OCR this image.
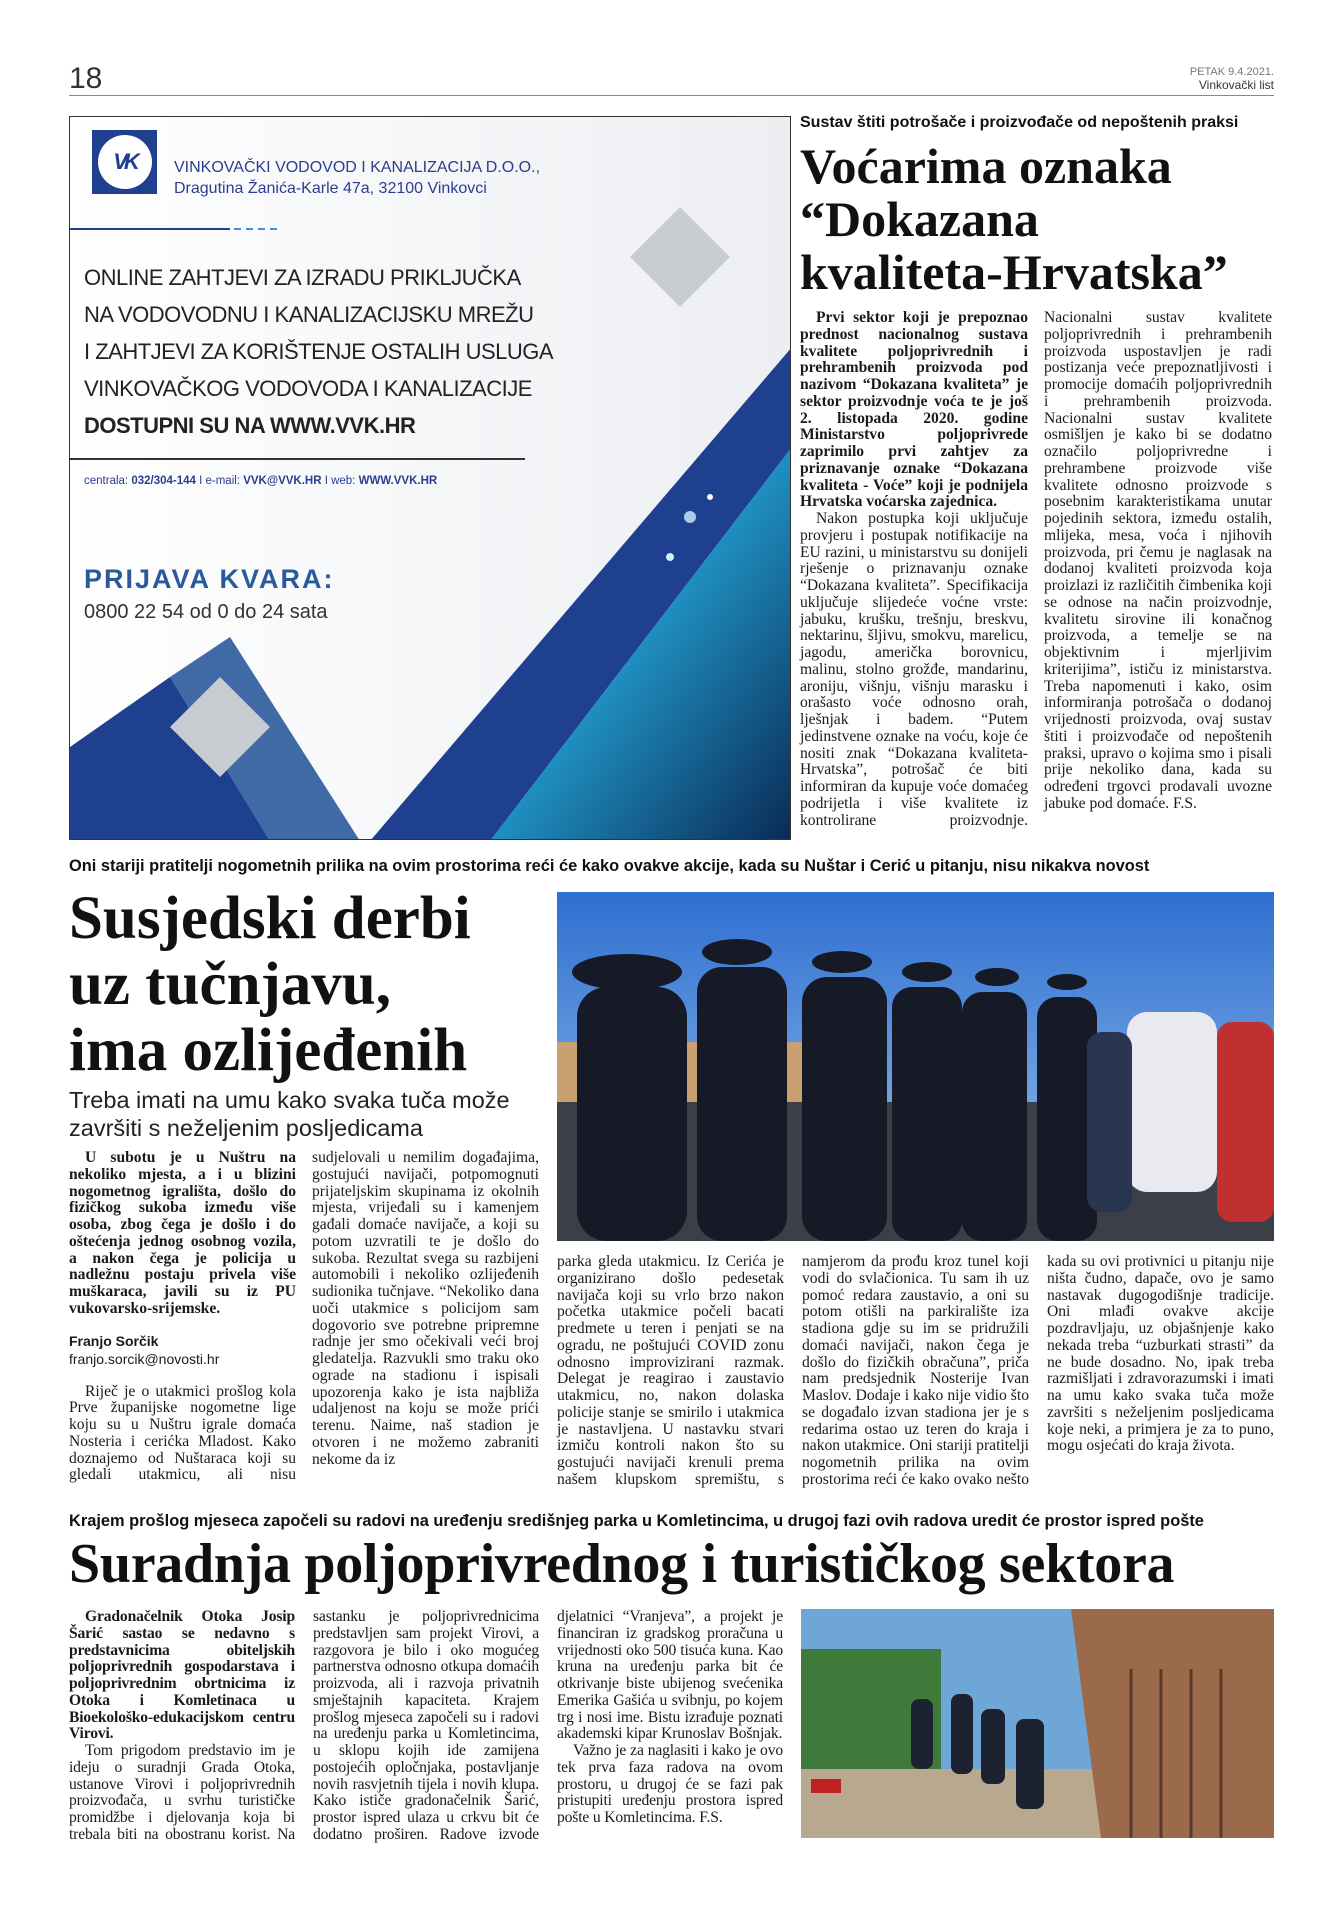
18	PETAK 9.4.2021.
Vinkovački list
VK	VINKOVAČKI VODOVOD I KANALIZACIJA D.O.O.,
Dragutina Žanića-Karle 47a, 32100 Vinkovci
ONLINE ZAHTJEVI ZA IZRADU PRIKLJUČKA
NA VODOVODNU I KANALIZACIJSKU MREŽU
I ZAHTJEVI ZA KORIŠTENJE OSTALIH USLUGA
VINKOVAČKOG VODOVODA I KANALIZACIJE
DOSTUPNI SU NA WWW.VVK.HR
centrala: 032/304-144 I e-mail: VVK@VVK.HR I web: WWW.VVK.HR
PRIJAVA KVARA:
0800 22 54 od 0 do 24 sata
Sustav štiti potrošače i proizvođače od nepoštenih praksi
Voćarima oznaka
“Dokazana
kvaliteta-Hrvatska”

Prvi sektor koji je prepoznao prednost nacionalnog sustava kvalitete poljoprivrednih i prehrambenih proizvoda pod nazivom “Dokazana kvaliteta” je sektor proizvodnje voća te je još 2. listopada 2020. godine Ministarstvo poljoprivrede zaprimilo prvi zahtjev za priznavanje oznake “Dokazana kvaliteta - Voće” koji je podnijela Hrvatska voćarska zajednica.

Nakon postupka koji uključuje provjeru i postupak notifikacije na EU razini, u ministarstvu su donijeli rješenje o priznavanju oznake “Dokazana kvaliteta”. Specifikacija uključuje slijedeće voćne vrste: jabuku, krušku, trešnju, breskvu, nektarinu, šljivu, smokvu, marelicu, jagodu, američka borovnicu, malinu, stolno grožđe, mandarinu, aroniju, višnju, višnju marasku i orašasto voće odnosno orah, lješnjak i badem. “Putem jedinstvene oznake na voću, koje će nositi znak “Dokazana kvaliteta-Hrvatska”, potrošač će biti informiran da kupuje voće domaćeg podrijetla i više kvalitete iz kontrolirane proizvodnje. Nacionalni sustav kvalitete poljoprivrednih i prehrambenih proizvoda uspostavljen je radi postizanja veće prepoznatljivosti i promocije domaćih poljoprivrednih i prehrambenih proizvoda. Nacionalni sustav kvalitete osmišljen je kako bi se dodatno označilo poljoprivredne i prehrambene proizvode više kvalitete odnosno proizvode s posebnim karakteristikama unutar pojedinih sektora, između ostalih, mlijeka, mesa, voća i njihovih proizvoda, pri čemu je naglasak na dodanoj kvaliteti proizvoda koja proizlazi iz različitih čimbenika koji se odnose na način proizvodnje, kvalitetu sirovine ili konačnog proizvoda, a temelje se na objektivnim i mjerljivim kriterijima”, ističu iz ministarstva. Treba napomenuti i kako, osim informiranja potrošača o dodanoj vrijednosti proizvoda, ovaj sustav štiti i proizvođače od nepoštenih praksi, upravo o kojima smo i pisali prije nekoliko dana, kada su određeni trgovci prodavali uvozne jabuke pod domaće. F.S.

Oni stariji pratitelji nogometnih prilika na ovim prostorima reći će kako ovakve akcije, kada su Nuštar i Cerić u pitanju, nisu nikakva novost
Susjedski derbi
uz tučnjavu,
ima ozlijeđenih
Treba imati na umu kako svaka tuča može završiti s neželjenim posljedicama

U subotu je u Nuštru na nekoliko mjesta, a i u blizini nogometnog igrališta, došlo do fizičkog sukoba između više osoba, zbog čega je došlo i do oštećenja jednog osobnog vozila, a nakon čega je policija u nadležnu postaju privela više muškaraca, javili su iz PU vukovarsko-srijemske.

Franjo Sorčik
franjo.sorcik@novosti.hr

Riječ je o utakmici prošlog kola Prve županijske nogometne lige koju su u Nuštru igrale domaća Nosteria i cerićka Mladost. Kako doznajemo od Nuštaraca koji su gledali utakmicu, ali nisu sudjelovali u nemilim događajima, gostujući navijači, potpomognuti prijateljskim skupinama iz okolnih mjesta, vrijeđali su i kamenjem gađali domaće navijače, a koji su potom uzvratili te je došlo do sukoba. Rezultat svega su razbijeni automobili i nekoliko ozlijeđenih sudionika tučnjave. “Nekoliko dana uoči utakmice s policijom sam dogovorio sve potrebne pripremne radnje jer smo očekivali veći broj gledatelja. Razvukli smo traku oko ograde na stadionu i ispisali upozorenja kako je ista najbliža udaljenost na koju se može prići terenu. Naime, naš stadion je otvoren i ne možemo zabraniti nekome da iz

parka gleda utakmicu. Iz Cerića je organizirano došlo pedesetak navijača koji su vrlo brzo nakon početka utakmice počeli bacati predmete u teren i penjati se na ogradu, ne poštujući COVID zonu odnosno improvizirani razmak. Delegat je reagirao i zaustavio utakmicu, no, nakon dolaska policije stanje se smirilo i utakmica je nastavljena. U nastavku stvari izmiču kontroli nakon što su gostujući navijači krenuli prema našem klupskom spremištu, s namjerom da prođu kroz tunel koji vodi do svlačionica. Tu sam ih uz pomoć redara zaustavio, a oni su potom otišli na parkiralište iza stadiona gdje su im se pridružili domaći navijači, nakon čega je došlo do fizičkih obračuna”, priča nam predsjednik Nosterije Ivan Maslov. Dodaje i kako nije vidio što se događalo izvan stadiona jer je s redarima ostao uz teren do kraja i nakon utakmice. Oni stariji pratitelji nogometnih prilika na ovim prostorima reći će kako ovako nešto kada su ovi protivnici u pitanju nije ništa čudno, dapače, ovo je samo nastavak dugogodišnje tradicije. Oni mlađi ovakve akcije pozdravljaju, uz objašnjenje kako nekada treba “uzburkati strasti” da ne bude dosadno. No, ipak treba razmišljati i zdravorazumski i imati na umu kako svaka tuča može završiti s neželjenim posljedicama koje neki, a primjera je za to puno, mogu osjećati do kraja života.

Krajem prošlog mjeseca započeli su radovi na uređenju središnjeg parka u Komletincima, u drugoj fazi ovih radova uredit će prostor ispred pošte
Suradnja poljoprivrednog i turističkog sektora

Gradonačelnik Otoka Josip Šarić sastao se nedavno s predstavnicima obiteljskih poljoprivrednih gospodarstava i poljoprivrednim obrtnicima iz Otoka i Komletinaca u Bioekološko-edukacijskom centru Virovi.

Tom prigodom predstavio im je ideju o suradnji Grada Otoka, ustanove Virovi i poljoprivrednih proizvođača, u svrhu turističke promidžbe i djelovanja koja bi trebala biti na obostranu korist. Na sastanku je poljoprivrednicima predstavljen sam projekt Virovi, a razgovora je bilo i oko mogućeg partnerstva odnosno otkupa domaćih proizvoda, ali i razvoja privatnih smještajnih kapaciteta. Krajem prošlog mjeseca započeli su i radovi na uređenju parka u Komletincima, u sklopu kojih ide zamijena postojećih opločnjaka, postavljanje novih rasvjetnih tijela i novih klupa. Kako ističe gradonačelnik Šarić, prostor ispred ulaza u crkvu bit će dodatno proširen. Radove izvode djelatnici “Vranjeva”, a projekt je financiran iz gradskog proračuna u vrijednosti oko 500 tisuća kuna. Kao kruna na uređenju parka bit će otkrivanje biste ubijenog svećenika Emerika Gašića u svibnju, po kojem trg i nosi ime. Bistu izrađuje poznati akademski kipar Krunoslav Bošnjak.

Važno je za naglasiti i kako je ovo tek prva faza radova na ovom prostoru, u drugoj će se fazi pak pristupiti uređenju prostora ispred pošte u Komletincima. F.S.
